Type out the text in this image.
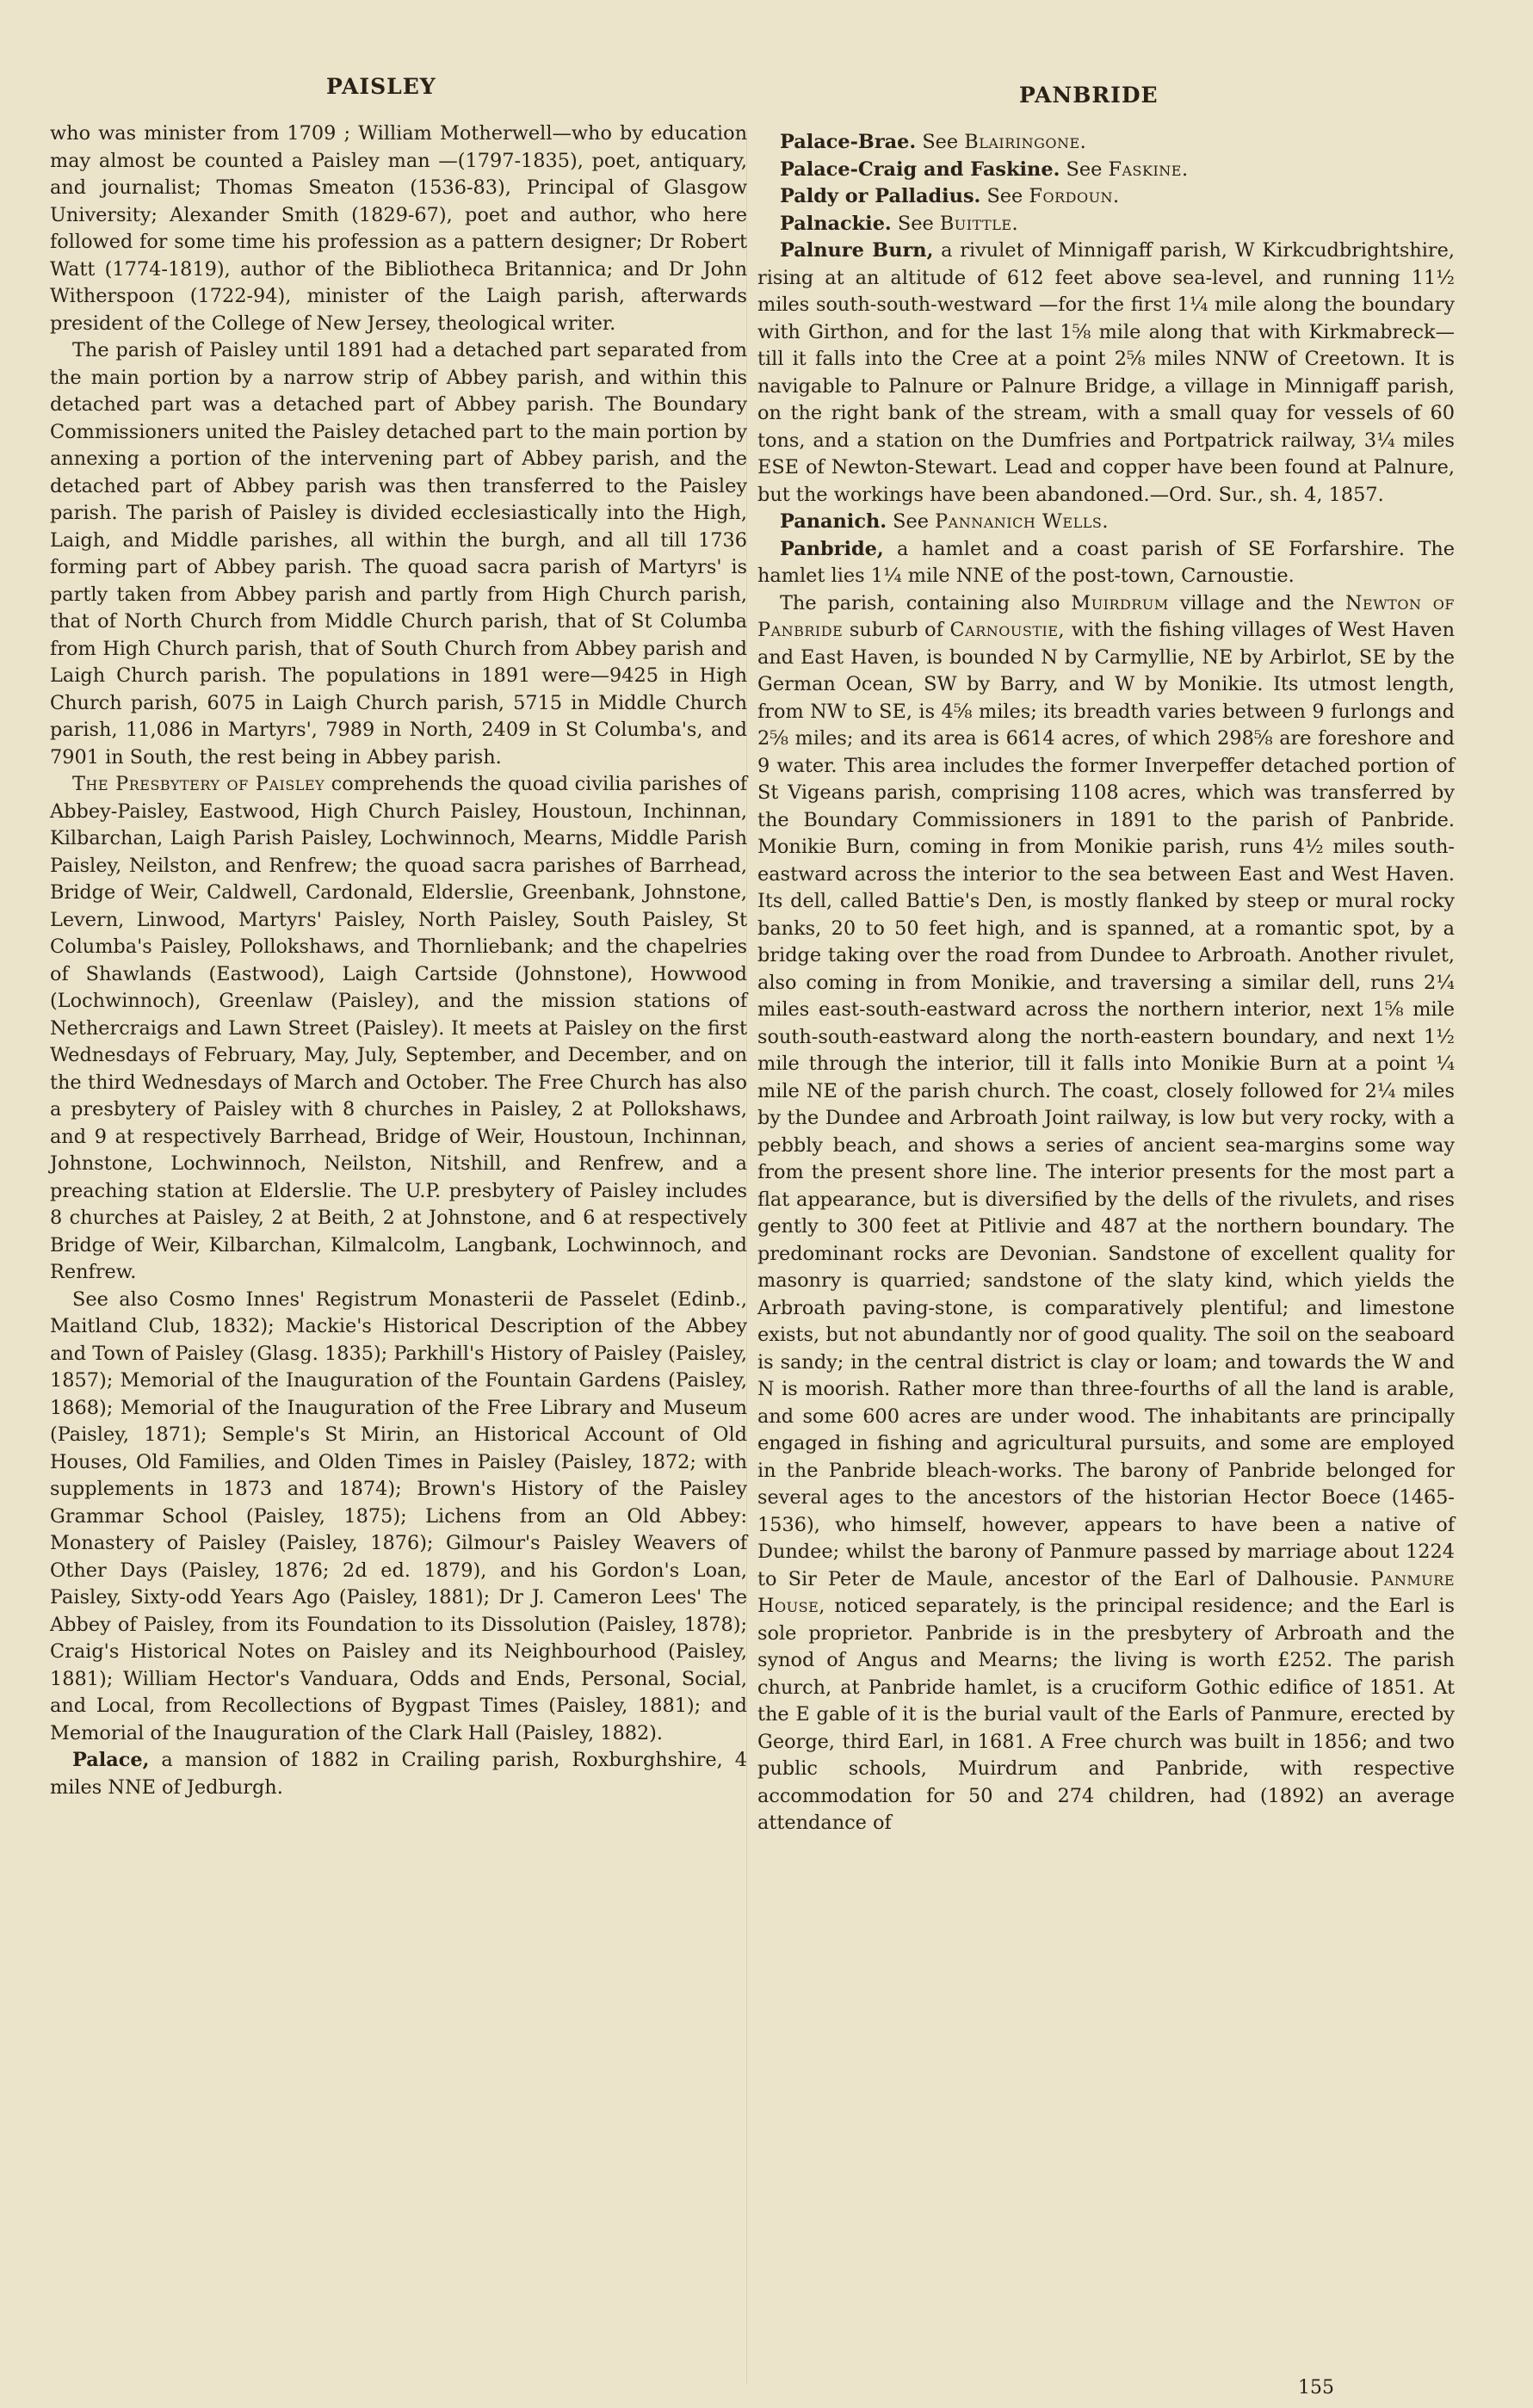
PAISLEY	PANBRIDE

who was minister from 1709 ; William Motherwell—who by education may almost be counted a Paisley man —(1797-1835), poet, antiquary, and journalist; Thomas Smeaton (1536-83), Principal of Glasgow University; Alexander Smith (1829-67), poet and author, who here followed for some time his profession as a pattern designer; Dr Robert Watt (1774-1819), author of the Bibliotheca Britannica; and Dr John Witherspoon (1722-94), minister of the Laigh parish, afterwards president of the College of New Jersey, theological writer.

The parish of Paisley until 1891 had a detached part separated from the main portion by a narrow strip of Abbey parish, and within this detached part was a detached part of Abbey parish. The Boundary Commissioners united the Paisley detached part to the main portion by annexing a portion of the intervening part of Abbey parish, and the detached part of Abbey parish was then transferred to the Paisley parish. The parish of Paisley is divided ecclesiastically into the High, Laigh, and Middle parishes, all within the burgh, and all till 1736 forming part of Abbey parish. The quoad sacra parish of Martyrs' is partly taken from Abbey parish and partly from High Church parish, that of North Church from Middle Church parish, that of St Columba from High Church parish, that of South Church from Abbey parish and Laigh Church parish. The populations in 1891 were—9425 in High Church parish, 6075 in Laigh Church parish, 5715 in Middle Church parish, 11,086 in Martyrs', 7989 in North, 2409 in St Columba's, and 7901 in South, the rest being in Abbey parish.

The Presbytery of Paisley comprehends the quoad civilia parishes of Abbey-Paisley, Eastwood, High Church Paisley, Houstoun, Inchinnan, Kilbarchan, Laigh Parish Paisley, Lochwinnoch, Mearns, Middle Parish Paisley, Neilston, and Renfrew; the quoad sacra parishes of Barrhead, Bridge of Weir, Caldwell, Cardonald, Elderslie, Greenbank, Johnstone, Levern, Linwood, Martyrs' Paisley, North Paisley, South Paisley, St Columba's Paisley, Pollokshaws, and Thornliebank; and the chapelries of Shawlands (Eastwood), Laigh Cartside (Johnstone), Howwood (Lochwinnoch), Greenlaw (Paisley), and the mission stations of Nethercraigs and Lawn Street (Paisley). It meets at Paisley on the first Wednesdays of February, May, July, September, and December, and on the third Wednesdays of March and October. The Free Church has also a presbytery of Paisley with 8 churches in Paisley, 2 at Pollokshaws, and 9 at respectively Barrhead, Bridge of Weir, Houstoun, Inchinnan, Johnstone, Lochwinnoch, Neilston, Nitshill, and Renfrew, and a preaching station at Elderslie. The U.P. presbytery of Paisley includes 8 churches at Paisley, 2 at Beith, 2 at Johnstone, and 6 at respectively Bridge of Weir, Kilbarchan, Kilmalcolm, Langbank, Lochwinnoch, and Renfrew.

See also Cosmo Innes' Registrum Monasterii de Passelet (Edinb., Maitland Club, 1832); Mackie's Historical Description of the Abbey and Town of Paisley (Glasg. 1835); Parkhill's History of Paisley (Paisley, 1857); Memorial of the Inauguration of the Fountain Gardens (Paisley, 1868); Memorial of the Inauguration of the Free Library and Museum (Paisley, 1871); Semple's St Mirin, an Historical Account of Old Houses, Old Families, and Olden Times in Paisley (Paisley, 1872; with supplements in 1873 and 1874); Brown's History of the Paisley Grammar School (Paisley, 1875); Lichens from an Old Abbey: Monastery of Paisley (Paisley, 1876); Gilmour's Paisley Weavers of Other Days (Paisley, 1876; 2d ed. 1879), and his Gordon's Loan, Paisley, Sixty-odd Years Ago (Paisley, 1881); Dr J. Cameron Lees' The Abbey of Paisley, from its Foundation to its Dissolution (Paisley, 1878); Craig's Historical Notes on Paisley and its Neighbourhood (Paisley, 1881); William Hector's Vanduara, Odds and Ends, Personal, Social, and Local, from Recollections of Bygpast Times (Paisley, 1881); and Memorial of the Inauguration of the Clark Hall (Paisley, 1882).

Palace, a mansion of 1882 in Crailing parish, Roxburghshire, 4 miles NNE of Jedburgh.

Palace-Brae. See Blairingone.

Palace-Craig and Faskine. See Faskine.

Paldy or Palladius. See Fordoun.

Palnackie. See Buittle.

Palnure Burn, a rivulet of Minnigaff parish, W Kirkcudbrightshire, rising at an altitude of 612 feet above sea-level, and running 11½ miles south-south-westward —for the first 1¼ mile along the boundary with Girthon, and for the last 1⅝ mile along that with Kirkmabreck— till it falls into the Cree at a point 2⅝ miles NNW of Creetown. It is navigable to Palnure or Palnure Bridge, a village in Minnigaff parish, on the right bank of the stream, with a small quay for vessels of 60 tons, and a station on the Dumfries and Portpatrick railway, 3¼ miles ESE of Newton-Stewart. Lead and copper have been found at Palnure, but the workings have been abandoned.—Ord. Sur., sh. 4, 1857.

Pananich. See Pannanich Wells.

Panbride, a hamlet and a coast parish of SE Forfarshire. The hamlet lies 1¼ mile NNE of the post-town, Carnoustie.

The parish, containing also Muirdrum village and the Newton of Panbride suburb of Carnoustie, with the fishing villages of West Haven and East Haven, is bounded N by Carmyllie, NE by Arbirlot, SE by the German Ocean, SW by Barry, and W by Monikie. Its utmost length, from NW to SE, is 4⅝ miles; its breadth varies between 9 furlongs and 2⅝ miles; and its area is 6614 acres, of which 298⅝ are foreshore and 9 water. This area includes the former Inverpeffer detached portion of St Vigeans parish, comprising 1108 acres, which was transferred by the Boundary Commissioners in 1891 to the parish of Panbride. Monikie Burn, coming in from Monikie parish, runs 4½ miles south-eastward across the interior to the sea between East and West Haven. Its dell, called Battie's Den, is mostly flanked by steep or mural rocky banks, 20 to 50 feet high, and is spanned, at a romantic spot, by a bridge taking over the road from Dundee to Arbroath. Another rivulet, also coming in from Monikie, and traversing a similar dell, runs 2¼ miles east-south-eastward across the northern interior, next 1⅝ mile south-south-eastward along the north-eastern boundary, and next 1½ mile through the interior, till it falls into Monikie Burn at a point ¼ mile NE of the parish church. The coast, closely followed for 2¼ miles by the Dundee and Arbroath Joint railway, is low but very rocky, with a pebbly beach, and shows a series of ancient sea-margins some way from the present shore line. The interior presents for the most part a flat appearance, but is diversified by the dells of the rivulets, and rises gently to 300 feet at Pitlivie and 487 at the northern boundary. The predominant rocks are Devonian. Sandstone of excellent quality for masonry is quarried; sandstone of the slaty kind, which yields the Arbroath paving-stone, is comparatively plentiful; and limestone exists, but not abundantly nor of good quality. The soil on the seaboard is sandy; in the central district is clay or loam; and towards the W and N is moorish. Rather more than three-fourths of all the land is arable, and some 600 acres are under wood. The inhabitants are principally engaged in fishing and agricultural pursuits, and some are employed in the Panbride bleach-works. The barony of Panbride belonged for several ages to the ancestors of the historian Hector Boece (1465-1536), who himself, however, appears to have been a native of Dundee; whilst the barony of Panmure passed by marriage about 1224 to Sir Peter de Maule, ancestor of the Earl of Dalhousie. Panmure House, noticed separately, is the principal residence; and the Earl is sole proprietor. Panbride is in the presbytery of Arbroath and the synod of Angus and Mearns; the living is worth £252. The parish church, at Panbride hamlet, is a cruciform Gothic edifice of 1851. At the E gable of it is the burial vault of the Earls of Panmure, erected by George, third Earl, in 1681. A Free church was built in 1856; and two public schools, Muirdrum and Panbride, with respective accommodation for 50 and 274 children, had (1892) an average attendance of

155
